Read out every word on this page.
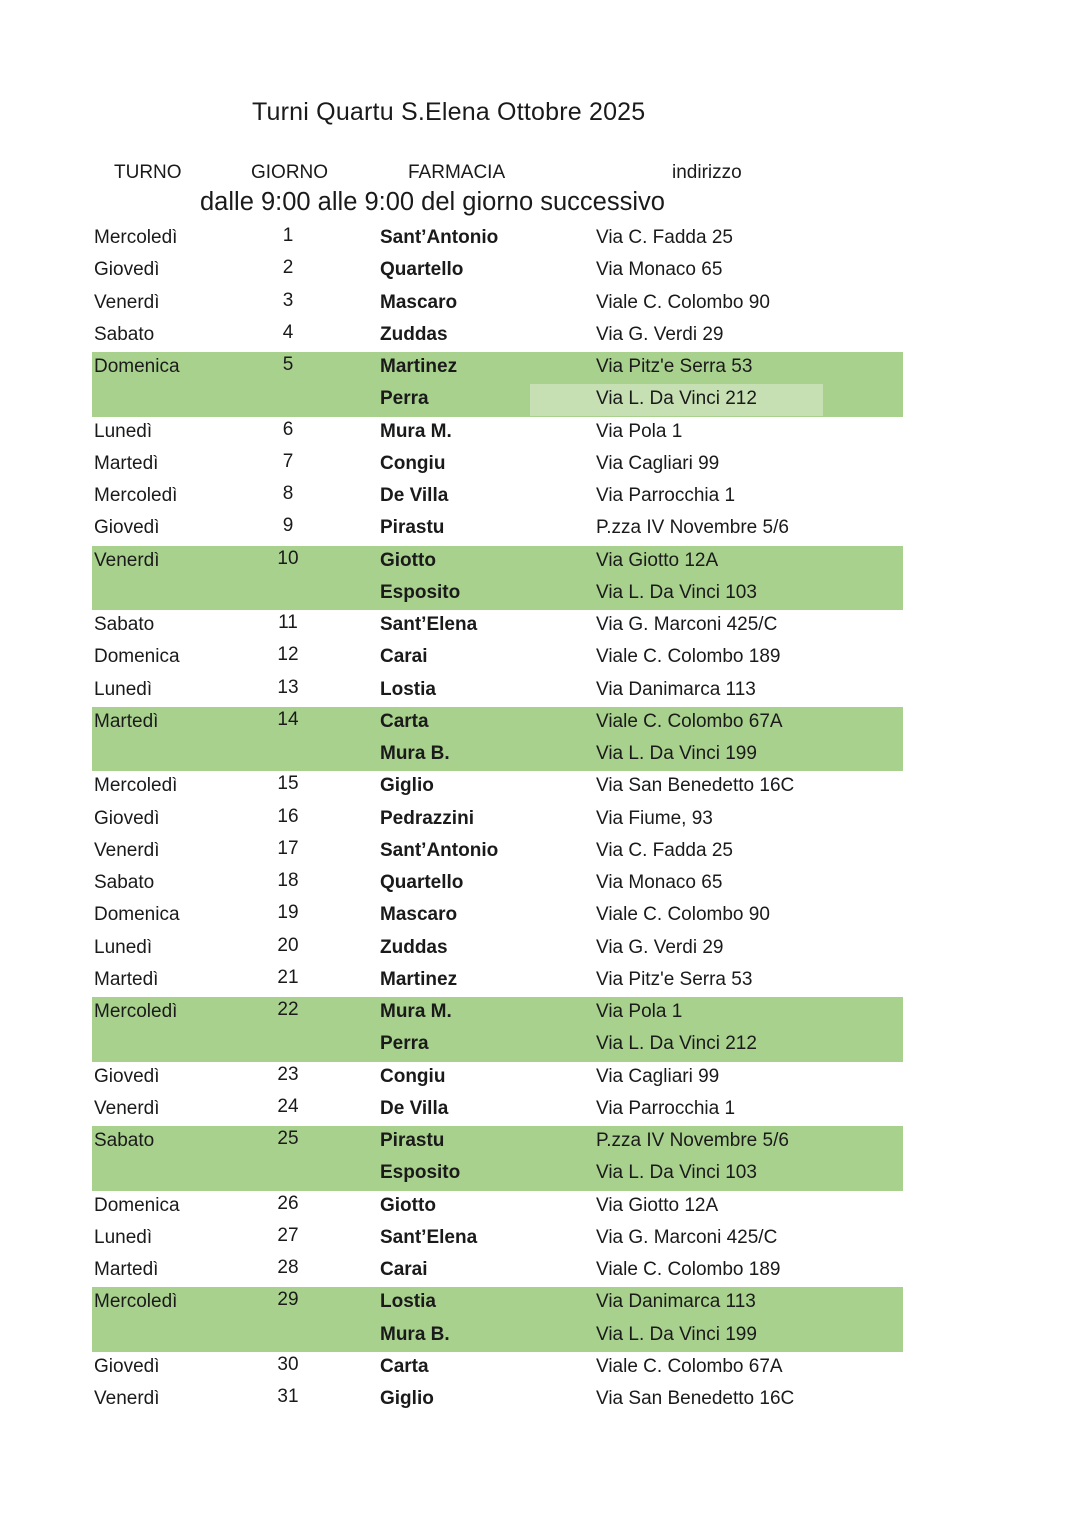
Turni Quartu S.Elena Ottobre 2025
TURNO	GIORNO	FARMACIA	indirizzo
dalle 9:00 alle 9:00 del giorno successivo
Mercoledì	1	Sant’Antonio	Via C. Fadda 25
Giovedì	2	Quartello	Via Monaco 65
Venerdì	3	Mascaro	Viale C. Colombo 90
Sabato	4	Zuddas	Via G. Verdi 29
Domenica	5	Martinez	Via Pitz'e Serra 53
Perra	Via L. Da Vinci 212
Lunedì	6	Mura M.	Via Pola 1
Martedì	7	Congiu	Via Cagliari 99
Mercoledì	8	De Villa	Via Parrocchia 1
Giovedì	9	Pirastu	P.zza IV Novembre 5/6
Venerdì	10	Giotto	Via Giotto 12A
Esposito	Via L. Da Vinci 103
Sabato	11	Sant’Elena	Via G. Marconi 425/C
Domenica	12	Carai	Viale C. Colombo 189
Lunedì	13	Lostia	Via Danimarca 113
Martedì	14	Carta	Viale C. Colombo 67A
Mura B.	Via L. Da Vinci 199
Mercoledì	15	Giglio	Via San Benedetto 16C
Giovedì	16	Pedrazzini	Via Fiume, 93
Venerdì	17	Sant’Antonio	Via C. Fadda 25
Sabato	18	Quartello	Via Monaco 65
Domenica	19	Mascaro	Viale C. Colombo 90
Lunedì	20	Zuddas	Via G. Verdi 29
Martedì	21	Martinez	Via Pitz'e Serra 53
Mercoledì	22	Mura M.	Via Pola 1
Perra	Via L. Da Vinci 212
Giovedì	23	Congiu	Via Cagliari 99
Venerdì	24	De Villa	Via Parrocchia 1
Sabato	25	Pirastu	P.zza IV Novembre 5/6
Esposito	Via L. Da Vinci 103
Domenica	26	Giotto	Via Giotto 12A
Lunedì	27	Sant’Elena	Via G. Marconi 425/C
Martedì	28	Carai	Viale C. Colombo 189
Mercoledì	29	Lostia	Via Danimarca 113
Mura B.	Via L. Da Vinci 199
Giovedì	30	Carta	Viale C. Colombo 67A
Venerdì	31	Giglio	Via San Benedetto 16C
